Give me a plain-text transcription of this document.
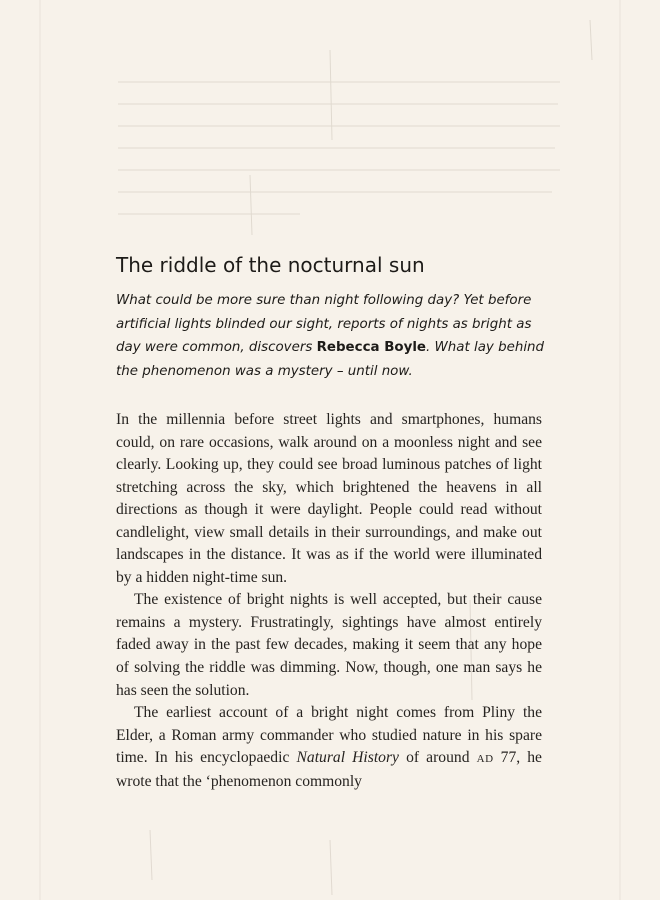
The riddle of the nocturnal sun

What could be more sure than night following day? Yet before artificial lights blinded our sight, reports of nights as bright as day were common, discovers Rebecca Boyle. What lay behind the phenomenon was a mystery – until now.

In the millennia before street lights and smartphones, humans could, on rare occasions, walk around on a moonless night and see clearly. Looking up, they could see broad luminous patches of light stretching across the sky, which brightened the heavens in all directions as though it were daylight. People could read without candlelight, view small details in their surroundings, and make out landscapes in the distance. It was as if the world were illuminated by a hidden night-time sun.

The existence of bright nights is well accepted, but their cause remains a mystery. Frustratingly, sightings have almost entirely faded away in the past few decades, making it seem that any hope of solving the riddle was dimming. Now, though, one man says he has seen the solution.

The earliest account of a bright night comes from Pliny the Elder, a Roman army commander who studied nature in his spare time. In his encyclopaedic Natural History of around AD 77, he wrote that the ‘phenomenon commonly
